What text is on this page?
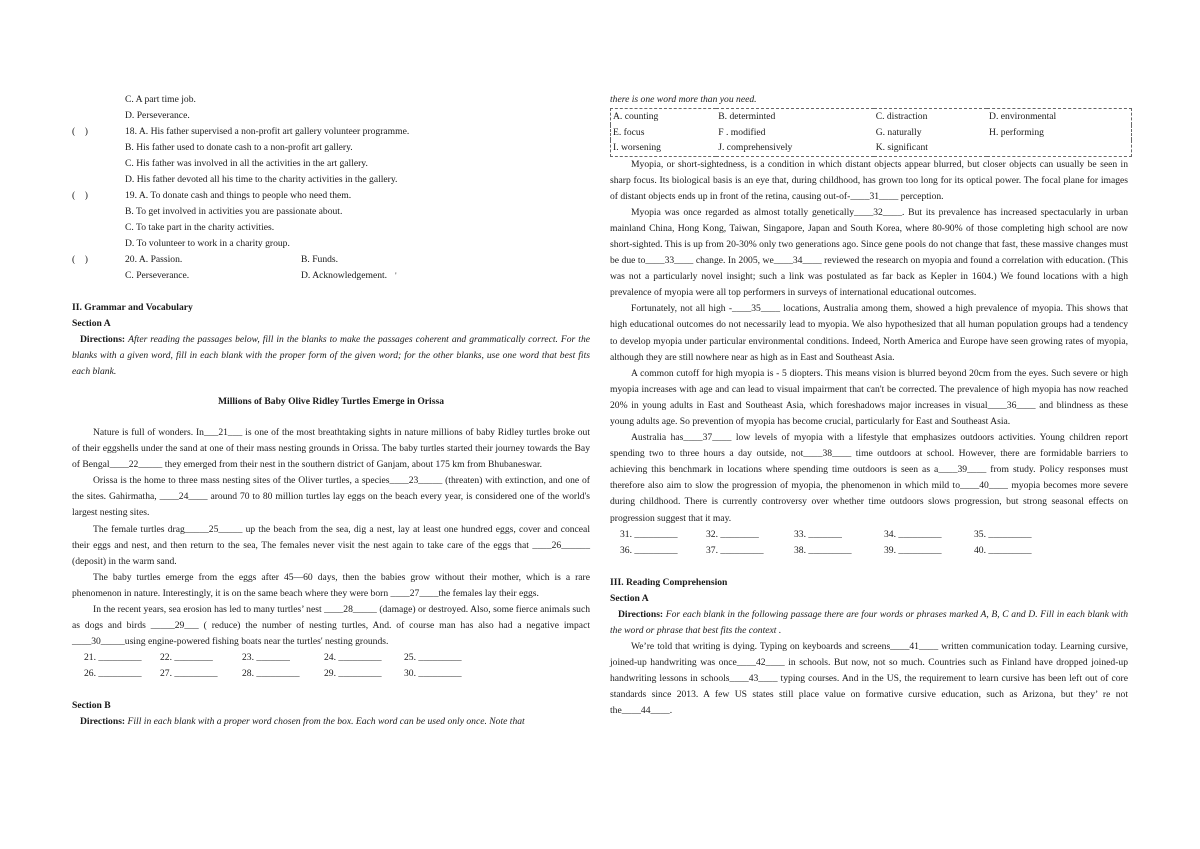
C. A part time job.
D. Perseverance.
(    )	18. A. His father supervised a non-profit art gallery volunteer programme.
B. His father used to donate cash to a non-profit art gallery.
C. His father was involved in all the activities in the art gallery.
D. His father devoted all his time to the charity activities in the gallery.
(    )	19. A. To donate cash and things to people who need them.
B. To get involved in activities you are passionate about.
C. To take part in the charity activities.
D. To volunteer to work in a charity group.
(    )	20. A. Passion.	B. Funds.
C. Perseverance.	D. Acknowledgement. '
II. Grammar and Vocabulary
Section A

Directions: After reading the passages below, fill in the blanks to make the passages coherent and grammatically correct. For the blanks with a given word, fill in each blank with the proper form of the given word; for the other blanks, use one word that best fits each blank.

Millions of Baby Olive Ridley Turtles Emerge in Orissa

Nature is full of wonders. In___21___ is one of the most breathtaking sights in nature millions of baby Ridley turtles broke out of their eggshells under the sand at one of their mass nesting grounds in Orissa. The baby turtles started their journey towards the Bay of Bengal____22_____ they emerged from their nest in the southern district of Ganjam, about 175 km from Bhubaneswar.

Orissa is the home to three mass nesting sites of the Oliver turtles, a species____23_____ (threaten) with extinction, and one of the sites. Gahirmatha, ____24____ around 70 to 80 million turtles lay eggs on the beach every year, is considered one of the world's largest nesting sites.

The female turtles drag_____25_____ up the beach from the sea, dig a nest, lay at least one hundred eggs, cover and conceal their eggs and nest, and then return to the sea, The females never visit the nest again to take care of the eggs that ____26______ (deposit) in the warm sand.

The baby turtles emerge from the eggs after 45—60 days, then the babies grow without their mother, which is a rare phenomenon in nature. Interestingly, it is on the same beach where they were born ____27____the females lay their eggs.

In the recent years, sea erosion has led to many turtles’ nest ____28_____ (damage) or destroyed. Also, some fierce animals such as dogs and birds _____29___ ( reduce) the number of nesting turtles, And. of course man has also had a negative impact ____30_____using engine-powered fishing boats near the turtles' nesting grounds.

21. _________	22. ________	23. _______	24. _________	25. _________
26. _________	27. _________	28. _________	29. _________	30. _________
Section B

Directions: Fill in each blank with a proper word chosen from the box. Each word can be used only once. Note that

there is one word more than you need.
A. counting	B. determinted	C. distraction	D. environmental
E. focus	F . modified	G. naturally	H. performing
I. worsening	J. comprehensively	K. significant	

Myopia, or short-sightedness, is a condition in which distant objects appear blurred, but closer objects can usually be seen in sharp focus. Its biological basis is an eye that, during childhood, has grown too long for its optical power. The focal plane for images of distant objects ends up in front of the retina, causing out-of-____31____ perception.

Myopia was once regarded as almost totally genetically____32____. But its prevalence has increased spectacularly in urban mainland China, Hong Kong, Taiwan, Singapore, Japan and South Korea, where 80-90% of those completing high school are now short-sighted. This is up from 20-30% only two generations ago. Since gene pools do not change that fast, these massive changes must be due to____33____ change. In 2005, we____34____ reviewed the research on myopia and found a correlation with education. (This was not a particularly novel insight; such a link was postulated as far back as Kepler in 1604.) We found locations with a high prevalence of myopia were all top performers in surveys of international educational outcomes.

Fortunately, not all high -____35____ locations, Australia among them, showed a high prevalence of myopia. This shows that high educational outcomes do not necessarily lead to myopia. We also hypothesized that all human population groups had a tendency to develop myopia under particular environmental conditions. Indeed, North America and Europe have seen growing rates of myopia, although they are still nowhere near as high as in East and Southeast Asia.

A common cutoff for high myopia is - 5 diopters. This means vision is blurred beyond 20cm from the eyes. Such severe or high myopia increases with age and can lead to visual impairment that can't be corrected. The prevalence of high myopia has now reached 20% in young adults in East and Southeast Asia, which foreshadows major increases in visual____36____ and blindness as these young adults age. So prevention of myopia has become crucial, particularly for East and Southeast Asia.

Australia has____37____ low levels of myopia with a lifestyle that emphasizes outdoors activities. Young children report spending two to three hours a day outside, not____38____ time outdoors at school. However, there are formidable barriers to achieving this benchmark in locations where spending time outdoors is seen as a____39____ from study. Policy responses must therefore also aim to slow the progression of myopia, the phenomenon in which mild to____40____ myopia becomes more severe during childhood. There is currently controversy over whether time outdoors slows progression, but strong seasonal effects on progression suggest that it may.

31. _________	32. ________	33. _______	34. _________	35. _________
36. _________	37. _________	38. _________	39. _________	40. _________
III. Reading Comprehension
Section A

Directions: For each blank in the following passage there are four words or phrases marked A, B, C and D. Fill in each blank with the word or phrase that best fits the context .

We’re told that writing is dying. Typing on keyboards and screens____41____ written communication today. Learning cursive, joined-up handwriting was once____42____ in schools. But now, not so much. Countries such as Finland have dropped joined-up handwriting lessons in schools____43____ typing courses. And in the US, the requirement to learn cursive has been left out of core standards since 2013. A few US states still place value on formative cursive education, such as Arizona, but they’ re not the____44____.
